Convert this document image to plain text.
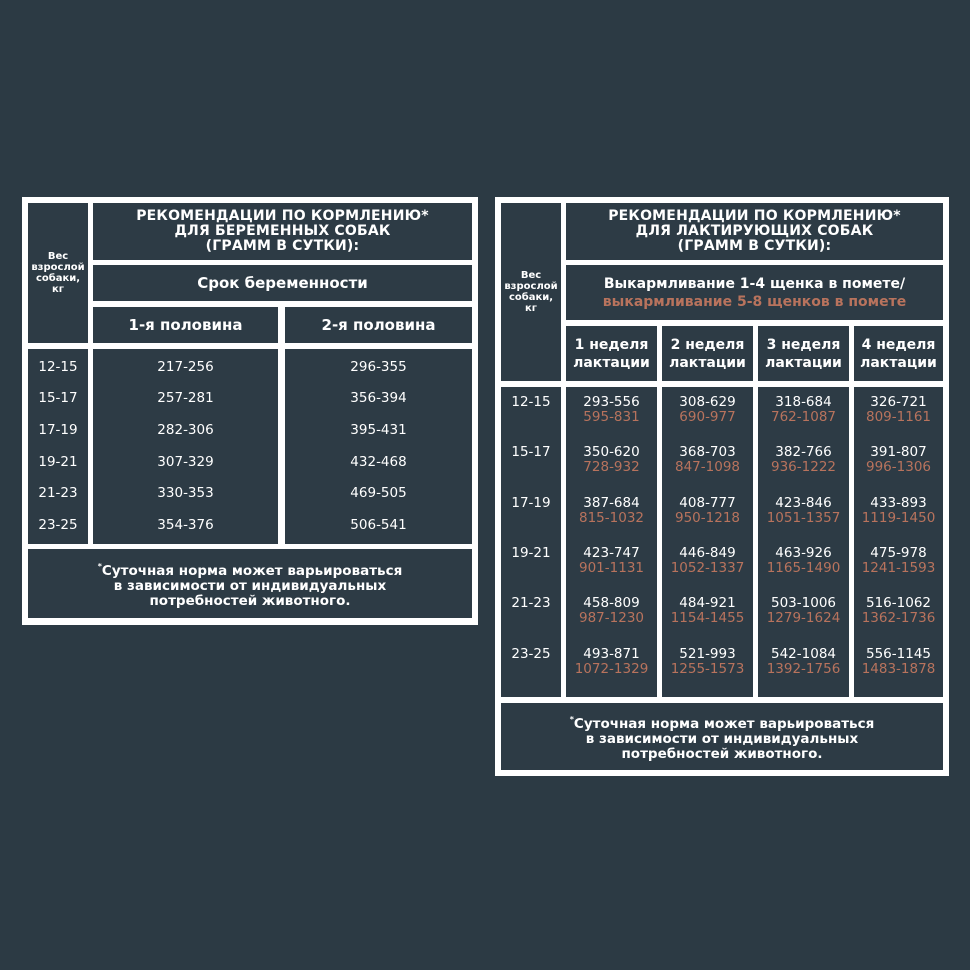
Вес
взрослой
собаки,
кг
РЕКОМЕНДАЦИИ ПО КОРМЛЕНИЮ*
ДЛЯ БЕРЕМЕННЫХ СОБАК
(ГРАММ В СУТКИ):
Срок беременности
1-я половина	2-я половина
12-15
15-17
17-19
19-21
21-23
23-25
217-256
257-281
282-306
307-329
330-353
354-376
296-355
356-394
395-431
432-468
469-505
506-541
*Суточная норма может варьироваться
в зависимости от индивидуальных
потребностей животного.
Вес
взрослой
собаки,
кг
РЕКОМЕНДАЦИИ ПО КОРМЛЕНИЮ*
ДЛЯ ЛАКТИРУЮЩИХ СОБАК
(ГРАММ В СУТКИ):
Выкармливание 1-4 щенка в помете/
выкармливание 5-8 щенков в помете
1 неделя
лактации
2 неделя
лактации
3 неделя
лактации
4 неделя
лактации
12-15
15-17
17-19
19-21
21-23
23-25
293-556
595-831
350-620
728-932
387-684
815-1032
423-747
901-1131
458-809
987-1230
493-871
1072-1329
308-629
690-977
368-703
847-1098
408-777
950-1218
446-849
1052-1337
484-921
1154-1455
521-993
1255-1573
318-684
762-1087
382-766
936-1222
423-846
1051-1357
463-926
1165-1490
503-1006
1279-1624
542-1084
1392-1756
326-721
809-1161
391-807
996-1306
433-893
1119-1450
475-978
1241-1593
516-1062
1362-1736
556-1145
1483-1878
*Суточная норма может варьироваться
в зависимости от индивидуальных
потребностей животного.
